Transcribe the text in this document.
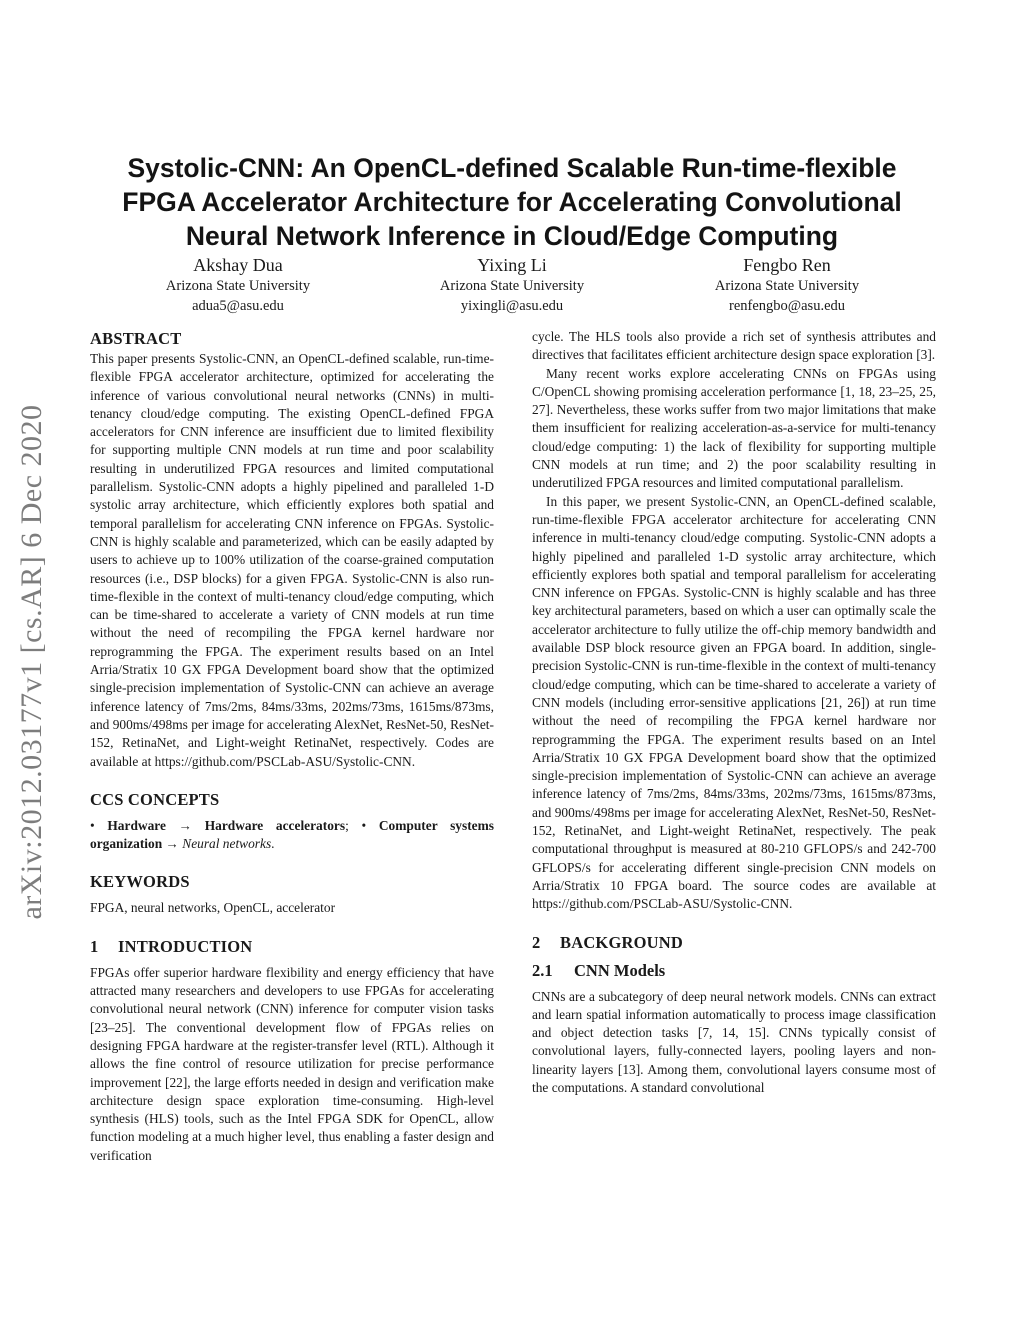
arXiv:2012.03177v1 [cs.AR] 6 Dec 2020
Systolic-CNN: An OpenCL-defined Scalable Run-time-flexible
FPGA Accelerator Architecture for Accelerating Convolutional
Neural Network Inference in Cloud/Edge Computing
Akshay Dua
Arizona State University
adua5@asu.edu
Yixing Li
Arizona State University
yixingli@asu.edu
Fengbo Ren
Arizona State University
renfengbo@asu.edu
ABSTRACT

This paper presents Systolic-CNN, an OpenCL-defined scalable, run-time-flexible FPGA accelerator architecture, optimized for accelerating the inference of various convolutional neural networks (CNNs) in multi-tenancy cloud/edge computing. The existing OpenCL-defined FPGA accelerators for CNN inference are insufficient due to limited flexibility for supporting multiple CNN models at run time and poor scalability resulting in underutilized FPGA resources and limited computational parallelism. Systolic-CNN adopts a highly pipelined and paralleled 1-D systolic array architecture, which efficiently explores both spatial and temporal parallelism for accelerating CNN inference on FPGAs. Systolic-CNN is highly scalable and parameterized, which can be easily adapted by users to achieve up to 100% utilization of the coarse-grained computation resources (i.e., DSP blocks) for a given FPGA. Systolic-CNN is also run-time-flexible in the context of multi-tenancy cloud/edge computing, which can be time-shared to accelerate a variety of CNN models at run time without the need of recompiling the FPGA kernel hardware nor reprogramming the FPGA. The experiment results based on an Intel Arria/Stratix 10 GX FPGA Development board show that the optimized single-precision implementation of Systolic-CNN can achieve an average inference latency of 7ms/2ms, 84ms/33ms, 202ms/73ms, 1615ms/873ms, and 900ms/498ms per image for accelerating AlexNet, ResNet-50, ResNet-152, RetinaNet, and Light-weight RetinaNet, respectively. Codes are available at https://github.com/PSCLab-ASU/Systolic-CNN.

CCS CONCEPTS

• Hardware → Hardware accelerators; • Computer systems organization → Neural networks.

KEYWORDS

FPGA, neural networks, OpenCL, accelerator

1 INTRODUCTION

FPGAs offer superior hardware flexibility and energy efficiency that have attracted many researchers and developers to use FPGAs for accelerating convolutional neural network (CNN) inference for computer vision tasks [23–25]. The conventional development flow of FPGAs relies on designing FPGA hardware at the register-transfer level (RTL). Although it allows the fine control of resource utilization for precise performance improvement [22], the large efforts needed in design and verification make architecture design space exploration time-consuming. High-level synthesis (HLS) tools, such as the Intel FPGA SDK for OpenCL, allow function modeling at a much higher level, thus enabling a faster design and verification

cycle. The HLS tools also provide a rich set of synthesis attributes and directives that facilitates efficient architecture design space exploration [3].

Many recent works explore accelerating CNNs on FPGAs using C/OpenCL showing promising acceleration performance [1, 18, 23–25, 25, 27]. Nevertheless, these works suffer from two major limitations that make them insufficient for realizing acceleration-as-a-service for multi-tenancy cloud/edge computing: 1) the lack of flexibility for supporting multiple CNN models at run time; and 2) the poor scalability resulting in underutilized FPGA resources and limited computational parallelism.

In this paper, we present Systolic-CNN, an OpenCL-defined scalable, run-time-flexible FPGA accelerator architecture for accelerating CNN inference in multi-tenancy cloud/edge computing. Systolic-CNN adopts a highly pipelined and paralleled 1-D systolic array architecture, which efficiently explores both spatial and temporal parallelism for accelerating CNN inference on FPGAs. Systolic-CNN is highly scalable and has three key architectural parameters, based on which a user can optimally scale the accelerator architecture to fully utilize the off-chip memory bandwidth and available DSP block resource given an FPGA board. In addition, single-precision Systolic-CNN is run-time-flexible in the context of multi-tenancy cloud/edge computing, which can be time-shared to accelerate a variety of CNN models (including error-sensitive applications [21, 26]) at run time without the need of recompiling the FPGA kernel hardware nor reprogramming the FPGA. The experiment results based on an Intel Arria/Stratix 10 GX FPGA Development board show that the optimized single-precision implementation of Systolic-CNN can achieve an average inference latency of 7ms/2ms, 84ms/33ms, 202ms/73ms, 1615ms/873ms, and 900ms/498ms per image for accelerating AlexNet, ResNet-50, ResNet-152, RetinaNet, and Light-weight RetinaNet, respectively. The peak computational throughput is measured at 80-210 GFLOPS/s and 242-700 GFLOPS/s for accelerating different single-precision CNN models on Arria/Stratix 10 FPGA board. The source codes are available at https://github.com/PSCLab-ASU/Systolic-CNN.

2 BACKGROUND
2.1 CNN Models

CNNs are a subcategory of deep neural network models. CNNs can extract and learn spatial information automatically to process image classification and object detection tasks [7, 14, 15]. CNNs typically consist of convolutional layers, fully-connected layers, pooling layers and non-linearity layers [13]. Among them, convolutional layers consume most of the computations. A standard convolutional
